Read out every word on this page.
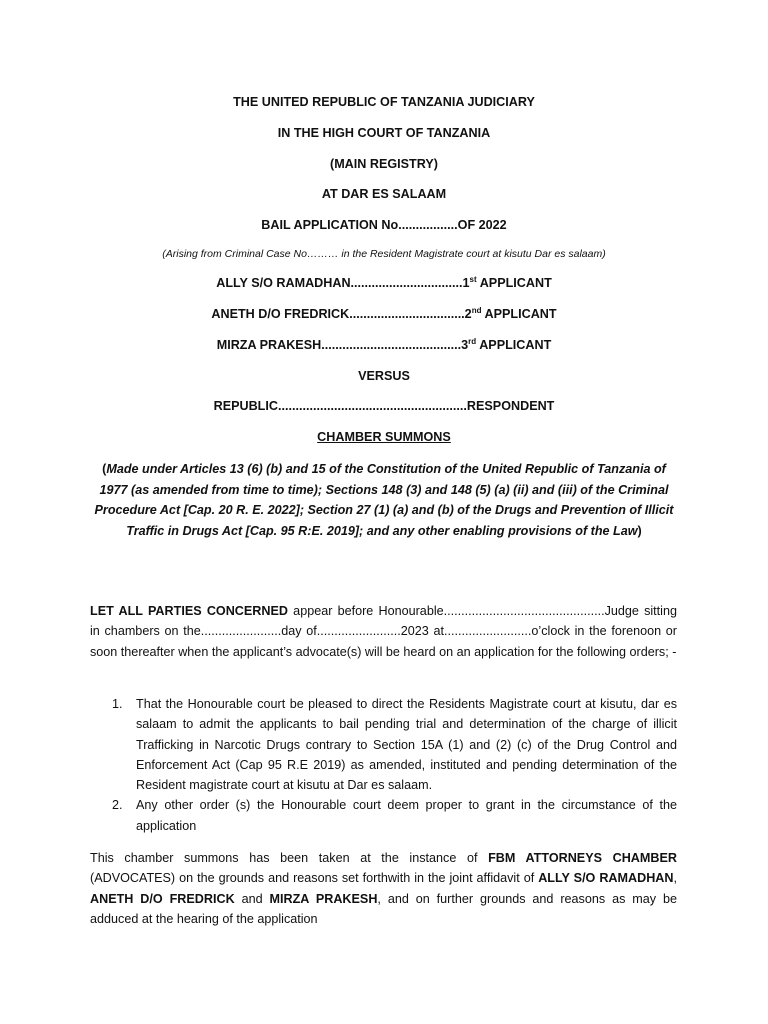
THE UNITED REPUBLIC OF TANZANIA JUDICIARY
IN THE HIGH COURT OF TANZANIA
(MAIN REGISTRY)
AT DAR ES SALAAM
BAIL APPLICATION No.................OF 2022
(Arising from Criminal Case No……… in the Resident Magistrate court at kisutu Dar es salaam)
ALLY S/O RAMADHAN................................1st APPLICANT
ANETH D/O FREDRICK.................................2nd APPLICANT
MIRZA PRAKESH........................................3rd APPLICANT
VERSUS
REPUBLIC......................................................RESPONDENT
CHAMBER SUMMONS
(Made under Articles 13 (6) (b) and 15 of the Constitution of the United Republic of Tanzania of 1977 (as amended from time to time); Sections 148 (3) and 148 (5) (a) (ii) and (iii) of the Criminal Procedure Act [Cap. 20 R. E. 2022]; Section 27 (1) (a) and (b) of the Drugs and Prevention of Illicit Traffic in Drugs Act [Cap. 95 R:E. 2019]; and any other enabling provisions of the Law)
LET ALL PARTIES CONCERNED appear before Honourable..............................................Judge sitting in chambers on the.......................day of........................2023 at.........................o’clock in the forenoon or soon thereafter when the applicant’s advocate(s) will be heard on an application for the following orders; -
1. That the Honourable court be pleased to direct the Residents Magistrate court at kisutu, dar es salaam to admit the applicants to bail pending trial and determination of the charge of illicit Trafficking in Narcotic Drugs contrary to Section 15A (1) and (2) (c) of the Drug Control and Enforcement Act (Cap 95 R.E 2019) as amended, instituted and pending determination of the Resident magistrate court at kisutu at Dar es salaam.
2. Any other order (s) the Honourable court deem proper to grant in the circumstance of the application
This chamber summons has been taken at the instance of FBM ATTORNEYS CHAMBER (ADVOCATES) on the grounds and reasons set forthwith in the joint affidavit of ALLY S/O RAMADHAN, ANETH D/O FREDRICK and MIRZA PRAKESH, and on further grounds and reasons as may be adduced at the hearing of the application
